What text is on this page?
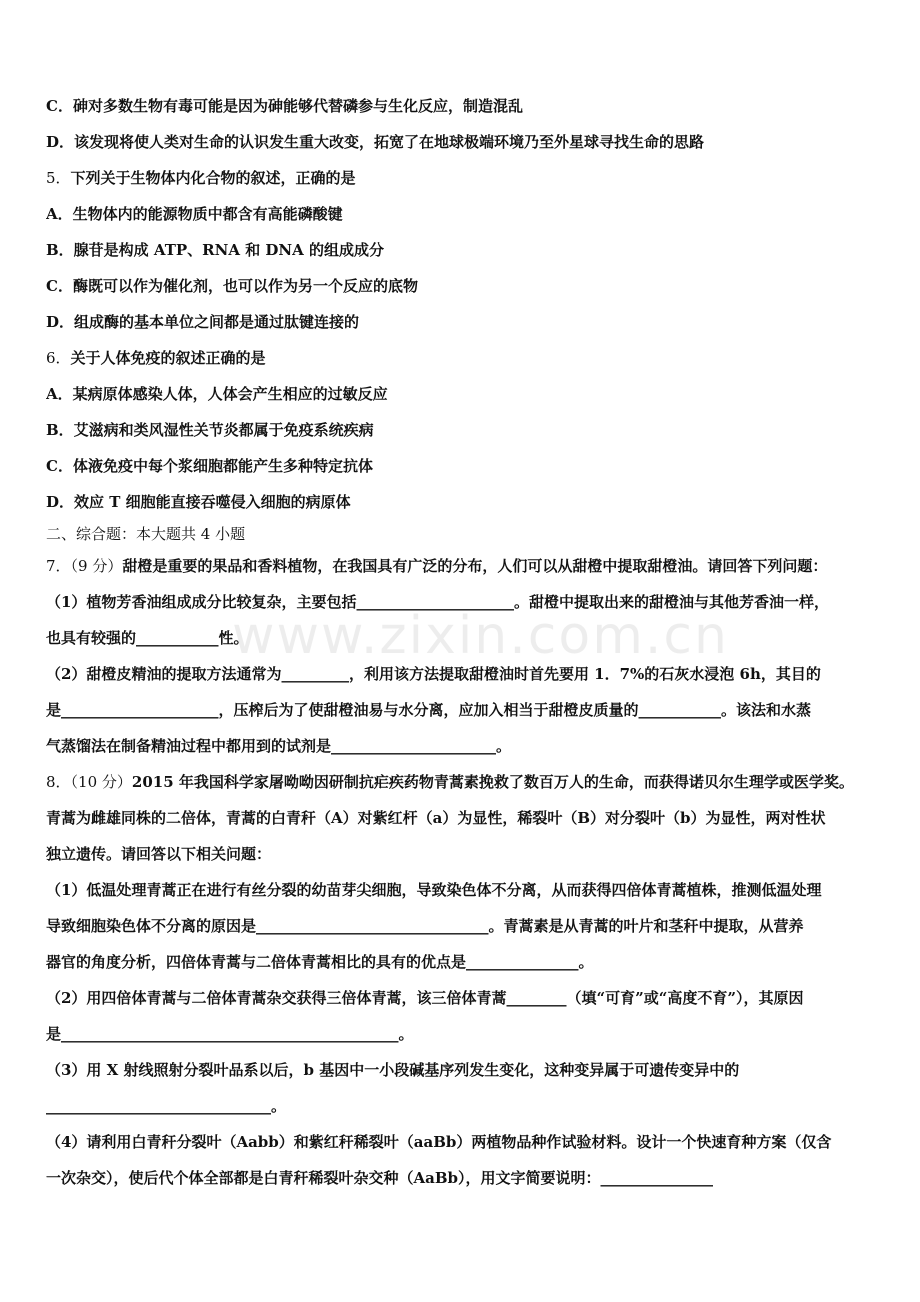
www.zixin.com.cn
C．砷对多数生物有毒可能是因为砷能够代替磷参与生化反应，制造混乱
D．该发现将使人类对生命的认识发生重大改变，拓宽了在地球极端环境乃至外星球寻找生命的思路
5．下列关于生物体内化合物的叙述，正确的是
A．生物体内的能源物质中都含有高能磷酸键
B．腺苷是构成 ATP、RNA 和 DNA 的组成成分
C．酶既可以作为催化剂，也可以作为另一个反应的底物
D．组成酶的基本单位之间都是通过肽键连接的
6．关于人体免疫的叙述正确的是
A．某病原体感染人体，人体会产生相应的过敏反应
B．艾滋病和类风湿性关节炎都属于免疫系统疾病
C．体液免疫中每个浆细胞都能产生多种特定抗体
D．效应 T 细胞能直接吞噬侵入细胞的病原体
二、综合题：本大题共 4 小题
7．（9 分）甜橙是重要的果品和香料植物，在我国具有广泛的分布，人们可以从甜橙中提取甜橙油。请回答下列问题：
（1）植物芳香油组成成分比较复杂，主要包括_____________________。甜橙中提取出来的甜橙油与其他芳香油一样，
也具有较强的___________性。
（2）甜橙皮精油的提取方法通常为_________，利用该方法提取甜橙油时首先要用 1．7%的石灰水浸泡 6h，其目的
是_____________________，压榨后为了使甜橙油易与水分离，应加入相当于甜橙皮质量的___________。该法和水蒸
气蒸馏法在制备精油过程中都用到的试剂是______________________。
8．（10 分）2015 年我国科学家屠呦呦因研制抗疟疾药物青蒿素挽救了数百万人的生命，而获得诺贝尔生理学或医学奖。
青蒿为雌雄同株的二倍体，青蒿的白青秆（A）对紫红杆（a）为显性，稀裂叶（B）对分裂叶（b）为显性，两对性状
独立遗传。请回答以下相关问题：
（1）低温处理青蒿正在进行有丝分裂的幼苗芽尖细胞，导致染色体不分离，从而获得四倍体青蒿植株，推测低温处理
导致细胞染色体不分离的原因是_______________________________。青蒿素是从青蒿的叶片和茎秆中提取，从营养
器官的角度分析，四倍体青蒿与二倍体青蒿相比的具有的优点是_______________。
（2）用四倍体青蒿与二倍体青蒿杂交获得三倍体青蒿，该三倍体青蒿________（填“可育”或“高度不育”），其原因
是_____________________________________________。
（3）用 X 射线照射分裂叶品系以后，b 基因中一小段碱基序列发生变化，这种变异属于可遗传变异中的
______________________________。
（4）请利用白青秆分裂叶（Aabb）和紫红秆稀裂叶（aaBb）两植物品种作试验材料。设计一个快速育种方案（仅含
一次杂交），使后代个体全部都是白青秆稀裂叶杂交种（AaBb），用文字简要说明：_______________
